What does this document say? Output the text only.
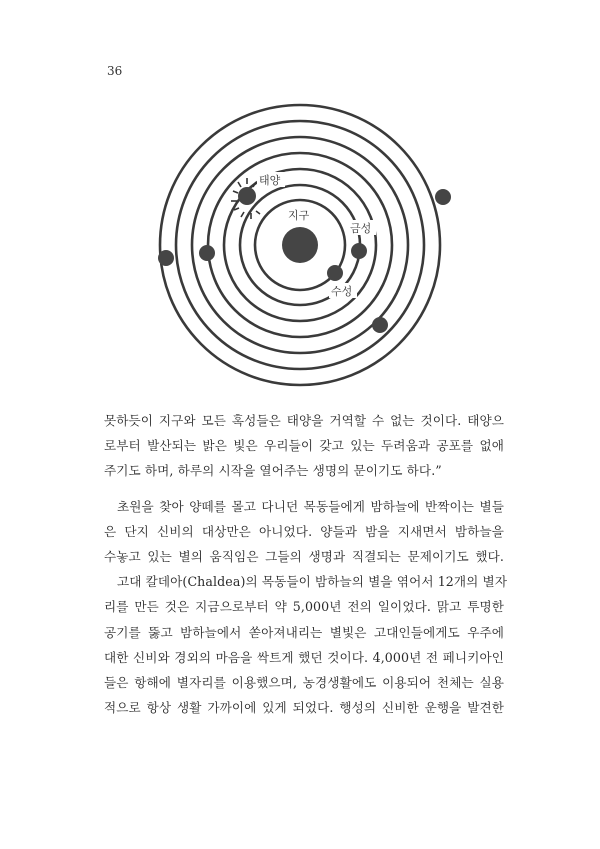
36
태양
지구
금성
수성

못하듯이 지구와 모든 혹성들은 태양을 거역할 수 없는 것이다. 태양으
로부터 발산되는 밝은 빛은 우리들이 갖고 있는 두려움과 공포를 없애
주기도 하며, 하루의 시작을 열어주는 생명의 문이기도 하다.”

초원을 찾아 양떼를 몰고 다니던 목동들에게 밤하늘에 반짝이는 별들
은 단지 신비의 대상만은 아니었다. 양들과 밤을 지새면서 밤하늘을
수놓고 있는 별의 움직임은 그들의 생명과 직결되는 문제이기도 했다.

고대 칼데아(Chaldea)의 목동들이 밤하늘의 별을 엮어서 12개의 별자
리를 만든 것은 지금으로부터 약 5,000년 전의 일이었다. 맑고 투명한
공기를 뚫고 밤하늘에서 쏟아져내리는 별빛은 고대인들에게도 우주에
대한 신비와 경외의 마음을 싹트게 했던 것이다. 4,000년 전 페니키아인
들은 항해에 별자리를 이용했으며, 농경생활에도 이용되어 천체는 실용
적으로 항상 생활 가까이에 있게 되었다. 행성의 신비한 운행을 발견한
